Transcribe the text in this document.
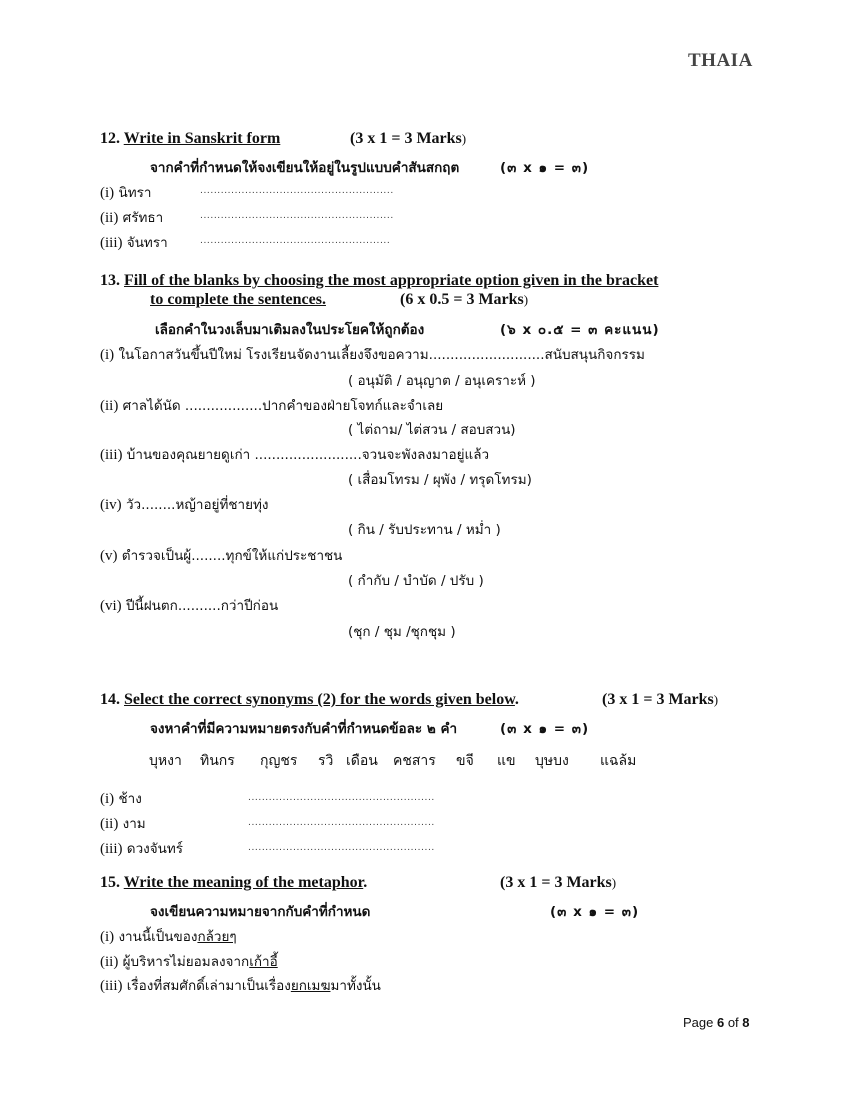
THAIA
12. Write in Sanskrit form	(3 x 1 = 3 Marks)
จากคำที่กำหนดให้จงเขียนให้อยู่ในรูปแบบคำสันสกฤต	(๓ x ๑ = ๓)
(i) นิทรา	........................................................
(ii) ศรัทธา	........................................................
(iii) จันทรา	.......................................................
13. Fill of the blanks by choosing the most appropriate option given in the bracket
to complete the sentences.	(6 x 0.5 = 3 Marks)
เลือกคำในวงเล็บมาเติมลงในประโยคให้ถูกต้อง	(๖ x ๐.๕ = ๓ คะแนน)
(i) ในโอกาสวันขึ้นปีใหม่ โรงเรียนจัดงานเลี้ยงจึงขอความ...........................สนับสนุนกิจกรรม
( อนุมัติ / อนุญาต / อนุเคราะห์ )
(ii) ศาลได้นัด ..................ปากคำของฝ่ายโจทก์และจำเลย
( ไต่ถาม/ ไต่สวน / สอบสวน)
(iii) บ้านของคุณยายดูเก่า .........................จวนจะพังลงมาอยู่แล้ว
( เสื่อมโทรม / ผุพัง / ทรุดโทรม)
(iv) วัว........หญ้าอยู่ที่ชายทุ่ง
( กิน / รับประทาน / หม่ำ )
(v) ตำรวจเป็นผู้........ทุกข์ให้แก่ประชาชน
( กำกับ / บำบัด / ปรับ )
(vi) ปีนี้ฝนตก..........กว่าปีก่อน
(ชุก / ชุม /ชุกชุม )
14. Select the correct synonyms (2) for the words given below.	(3 x 1 = 3 Marks)
จงหาคำที่มีความหมายตรงกับคำที่กำหนดข้อละ ๒ คำ	(๓ x ๑ = ๓)
บุหงา ทินกร กุญชร รวิ เดือน คชสาร ขจี แข บุษบง แฉล้ม
(i) ช้าง	......................................................
(ii) งาม	......................................................
(iii) ดวงจันทร์	......................................................
15. Write the meaning of the metaphor.	(3 x 1 = 3 Marks)
จงเขียนความหมายจากกับคำที่กำหนด	(๓ x ๑ = ๓)
(i) งานนี้เป็นของกล้วยๆ
(ii) ผู้บริหารไม่ยอมลงจากเก้าอี้
(iii) เรื่องที่สมศักดิ์เล่ามาเป็นเรื่องยกเมฆมาทั้งนั้น
Page 6 of 8
